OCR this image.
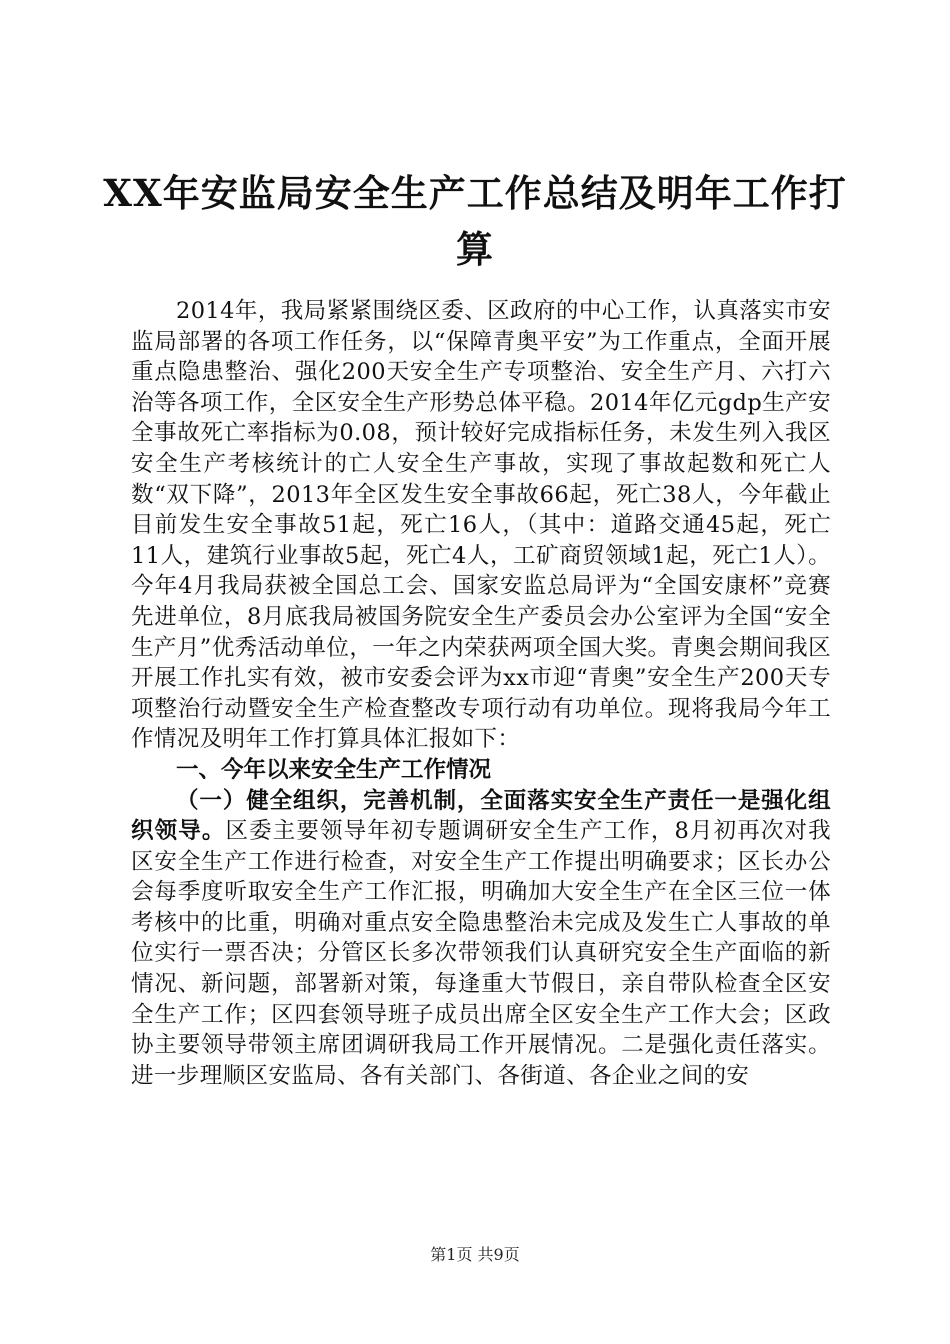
XX年安监局安全生产工作总结及明年工作打算

2014年，我局紧紧围绕区委、区政府的中心工作，认真落实市安监局部署的各项工作任务，以“保障青奥平安”为工作重点，全面开展重点隐患整治、强化200天安全生产专项整治、安全生产月、六打六治等各项工作，全区安全生产形势总体平稳。2014年亿元gdp生产安全事故死亡率指标为0.08，预计较好完成指标任务，未发生列入我区安全生产考核统计的亡人安全生产事故，实现了事故起数和死亡人数“双下降”，2013年全区发生安全事故66起，死亡38人，今年截止目前发生安全事故51起，死亡16人，（其中：道路交通45起，死亡11人，建筑行业事故5起，死亡4人，工矿商贸领域1起，死亡1人）。今年4月我局获被全国总工会、国家安监总局评为“全国安康杯”竞赛先进单位，8月底我局被国务院安全生产委员会办公室评为全国“安全生产月”优秀活动单位，一年之内荣获两项全国大奖。青奥会期间我区开展工作扎实有效，被市安委会评为xx市迎“青奥”安全生产200天专项整治行动暨安全生产检查整改专项行动有功单位。现将我局今年工作情况及明年工作打算具体汇报如下：

一、今年以来安全生产工作情况

（一）健全组织，完善机制，全面落实安全生产责任一是强化组织领导。区委主要领导年初专题调研安全生产工作，8月初再次对我区安全生产工作进行检查，对安全生产工作提出明确要求；区长办公会每季度听取安全生产工作汇报，明确加大安全生产在全区三位一体考核中的比重，明确对重点安全隐患整治未完成及发生亡人事故的单位实行一票否决；分管区长多次带领我们认真研究安全生产面临的新情况、新问题，部署新对策，每逢重大节假日，亲自带队检查全区安全生产工作；区四套领导班子成员出席全区安全生产工作大会；区政协主要领导带领主席团调研我局工作开展情况。二是强化责任落实。进一步理顺区安监局、各有关部门、各街道、各企业之间的安

第1页 共9页
